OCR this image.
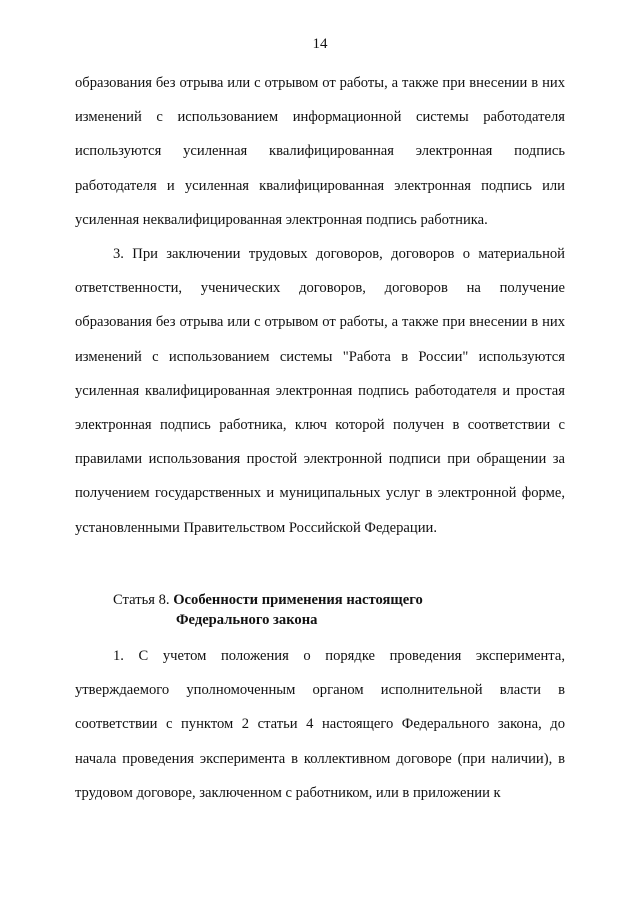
14

образования без отрыва или с отрывом от работы, а также при внесении в них изменений с использованием информационной системы работодателя используются усиленная квалифицированная электронная подпись работодателя и усиленная квалифицированная электронная подпись или усиленная неквалифицированная электронная подпись работника.

3. При заключении трудовых договоров, договоров о материальной ответственности, ученических договоров, договоров на получение образования без отрыва или с отрывом от работы, а также при внесении в них изменений с использованием системы "Работа в России" используются усиленная квалифицированная электронная подпись работодателя и простая электронная подпись работника, ключ которой получен в соответствии с правилами использования простой электронной подписи при обращении за получением государственных и муниципальных услуг в электронной форме, установленными Правительством Российской Федерации.

Статья 8. Особенности применения настоящего
Федерального закона

1. С учетом положения о порядке проведения эксперимента, утверждаемого уполномоченным органом исполнительной власти в соответствии с пунктом 2 статьи 4 настоящего Федерального закона, до начала проведения эксперимента в коллективном договоре (при наличии), в трудовом договоре, заключенном с работником, или в приложении к
